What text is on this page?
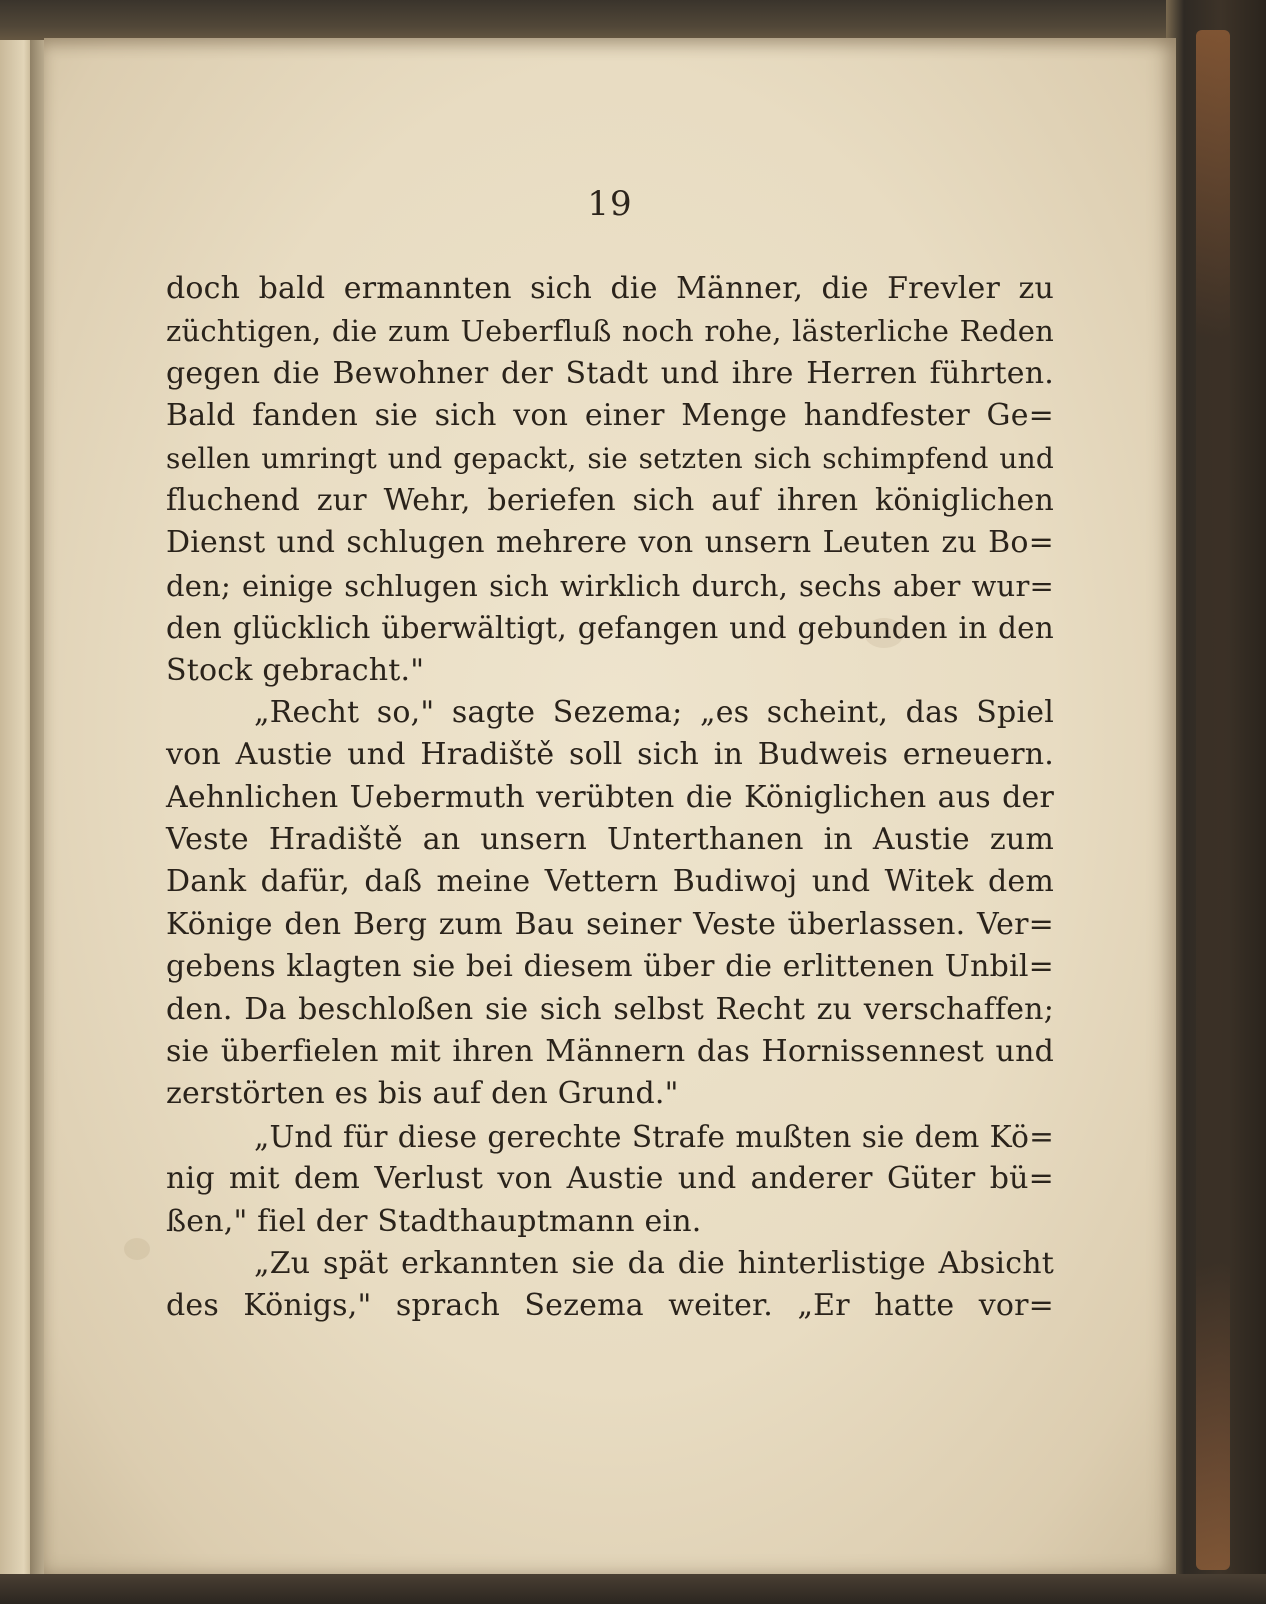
19
doch bald ermannten sich die Männer, die Frevler zu
züchtigen, die zum Ueberfluß noch rohe, lästerliche Reden
gegen die Bewohner der Stadt und ihre Herren führten.
Bald fanden sie sich von einer Menge handfester Ge=
sellen umringt und gepackt, sie setzten sich schimpfend und
fluchend zur Wehr, beriefen sich auf ihren königlichen
Dienst und schlugen mehrere von unsern Leuten zu Bo=
den; einige schlugen sich wirklich durch, sechs aber wur=
den glücklich überwältigt, gefangen und gebunden in den
Stock gebracht."
„Recht so," sagte Sezema; „es scheint, das Spiel
von Austie und Hradiště soll sich in Budweis erneuern.
Aehnlichen Uebermuth verübten die Königlichen aus der
Veste Hradiště an unsern Unterthanen in Austie zum
Dank dafür, daß meine Vettern Budiwoj und Witek dem
Könige den Berg zum Bau seiner Veste überlassen. Ver=
gebens klagten sie bei diesem über die erlittenen Unbil=
den. Da beschloßen sie sich selbst Recht zu verschaffen;
sie überfielen mit ihren Männern das Hornissennest und
zerstörten es bis auf den Grund."
„Und für diese gerechte Strafe mußten sie dem Kö=
nig mit dem Verlust von Austie und anderer Güter bü=
ßen," fiel der Stadthauptmann ein.
„Zu spät erkannten sie da die hinterlistige Absicht
des Königs," sprach Sezema weiter. „Er hatte vor=
